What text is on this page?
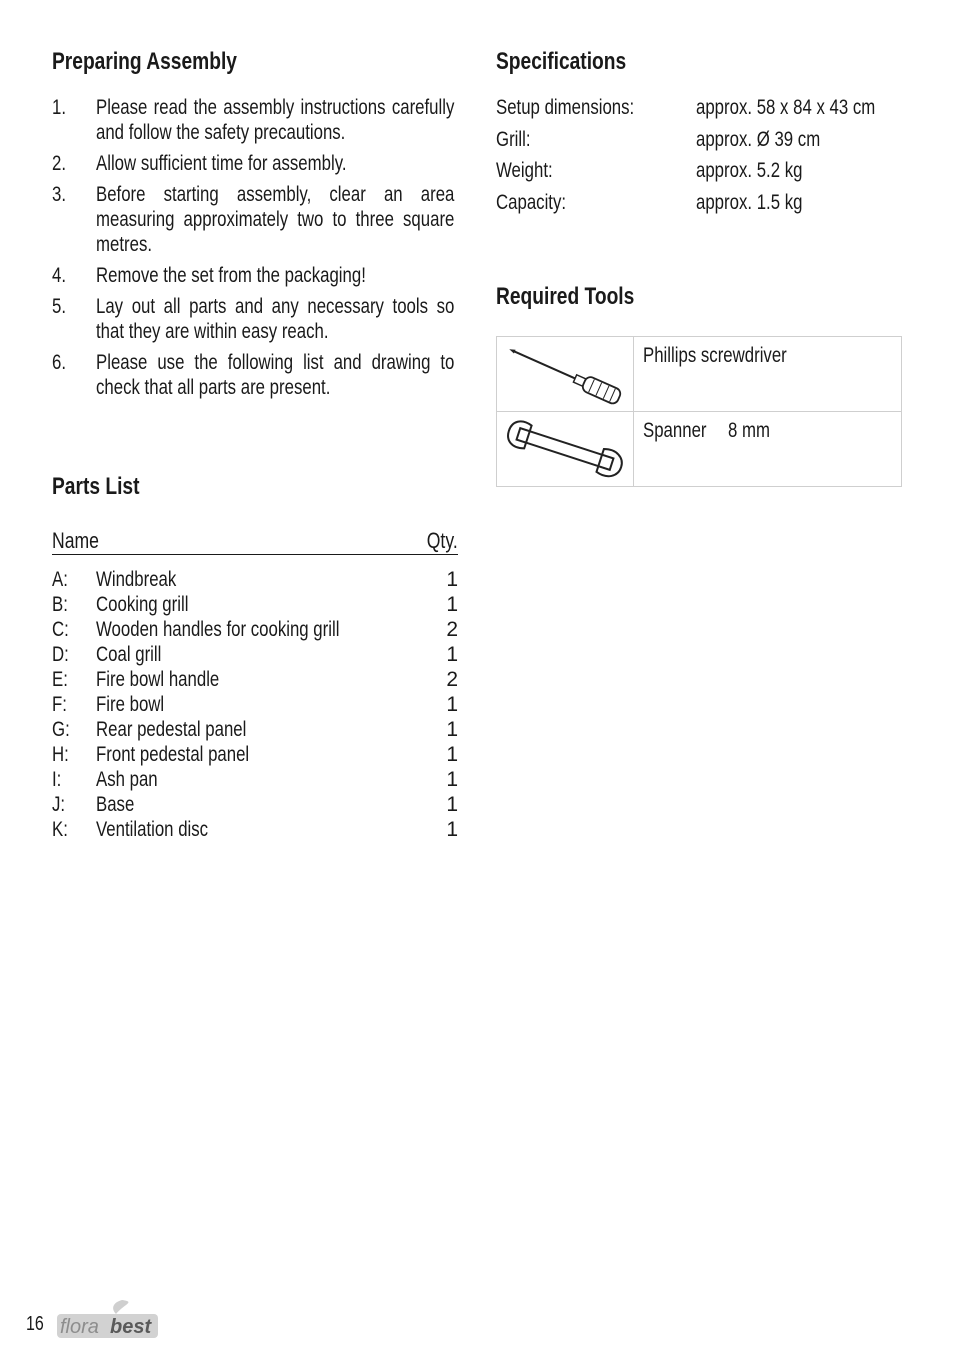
Preparing Assembly
1. Please read the assembly instructions carefully and follow the safety precautions.
2. Allow sufficient time for assembly.
3. Before starting assembly, clear an area measuring approximately two to three square metres.
4. Remove the set from the packaging!
5. Lay out all parts and any necessary tools so that they are within easy reach.
6. Please use the following list and drawing to check that all parts are present.
Parts List
Name	Qty.
A: Windbreak	1
B: Cooking grill	1
C: Wooden handles for cooking grill	2
D: Coal grill	1
E: Fire bowl handle	2
F: Fire bowl	1
G: Rear pedestal panel	1
H: Front pedestal panel	1
I: Ash pan	1
J: Base	1
K: Ventilation disc	1
Specifications
Setup dimensions:	approx. 58 x 84 x 43 cm
Grill:	approx. Ø 39 cm
Weight:	approx. 5.2 kg
Capacity:	approx. 1.5 kg
Required Tools
Phillips screwdriver
Spanner 8 mm
16 flora best
